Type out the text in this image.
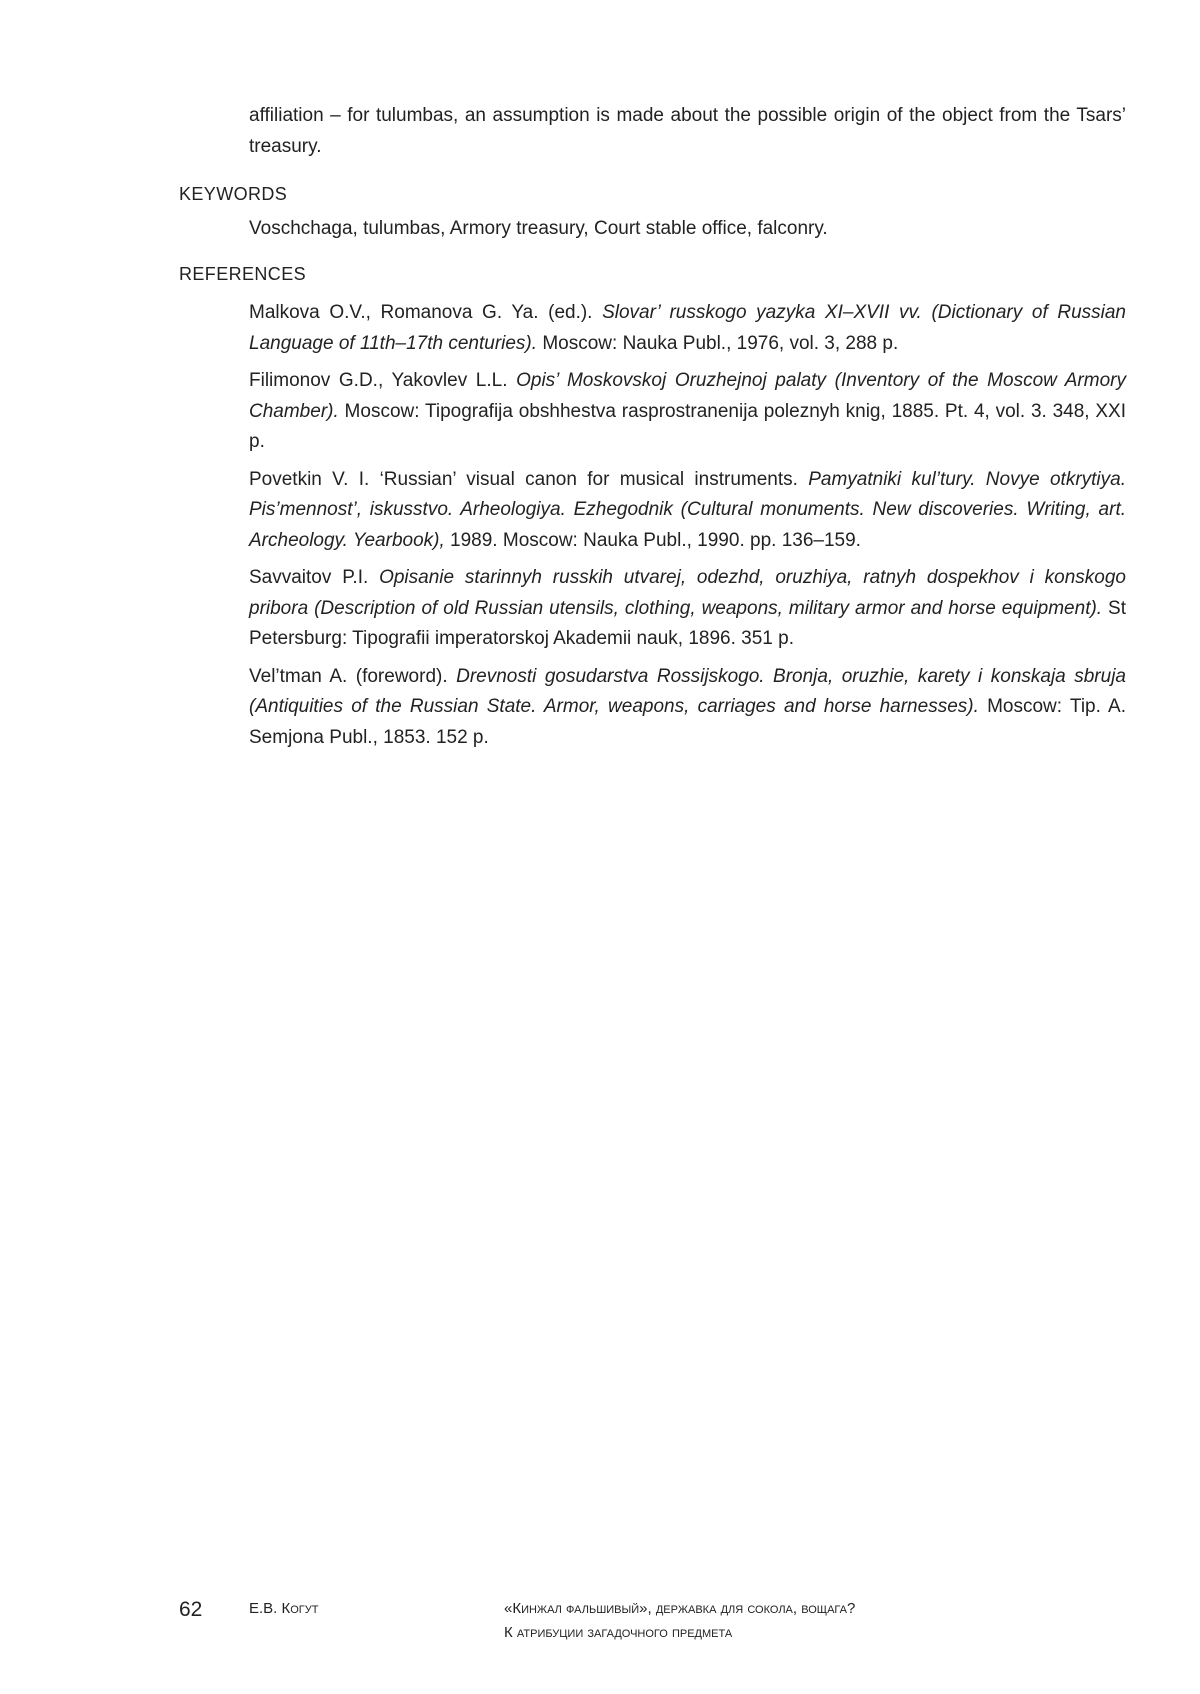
affiliation – for tulumbas, an assumption is made about the possible origin of the object from the Tsars’ treasury.

KEYWORDS

Voschchaga, tulumbas, Armory treasury, Court stable office, falconry.

REFERENCES

Malkova O.V., Romanova G. Ya. (ed.). Slovar’ russkogo yazyka XI–XVII vv. (Dictionary of Russian Language of 11th–17th centuries). Moscow: Nauka Publ., 1976, vol. 3, 288 p.

Filimonov G.D., Yakovlev L.L. Opis’ Moskovskoj Oruzhejnoj palaty (Inventory of the Moscow Armory Chamber). Moscow: Tipografija obshhestva rasprostranenija poleznyh knig, 1885. Pt. 4, vol. 3. 348, XXI p.

Povetkin V. I. ‘Russian’ visual canon for musical instruments. Pamyatniki kul’tury. Novye otkrytiya. Pis’mennost’, iskusstvo. Arheologiya. Ezhegodnik (Cultural monuments. New discoveries. Writing, art. Archeology. Yearbook), 1989. Moscow: Nauka Publ., 1990. pp. 136–159.

Savvaitov P.I. Opisanie starinnyh russkih utvarej, odezhd, oruzhiya, ratnyh dospekhov i konskogo pribora (Description of old Russian utensils, clothing, weapons, military armor and horse equipment). St Petersburg: Tipografii imperatorskoj Akademii nauk, 1896. 351 p.

Vel’tman A. (foreword). Drevnosti gosudarstva Rossijskogo. Bronja, oruzhie, karety i konskaja sbruja (Antiquities of the Russian State. Armor, weapons, carriages and horse harnesses). Moscow: Tip. A. Semjona Publ., 1853. 152 p.

62	Е.В. Когут	«Кинжал фальшивый», державка для сокола, вощага?
К атрибуции загадочного предмета
